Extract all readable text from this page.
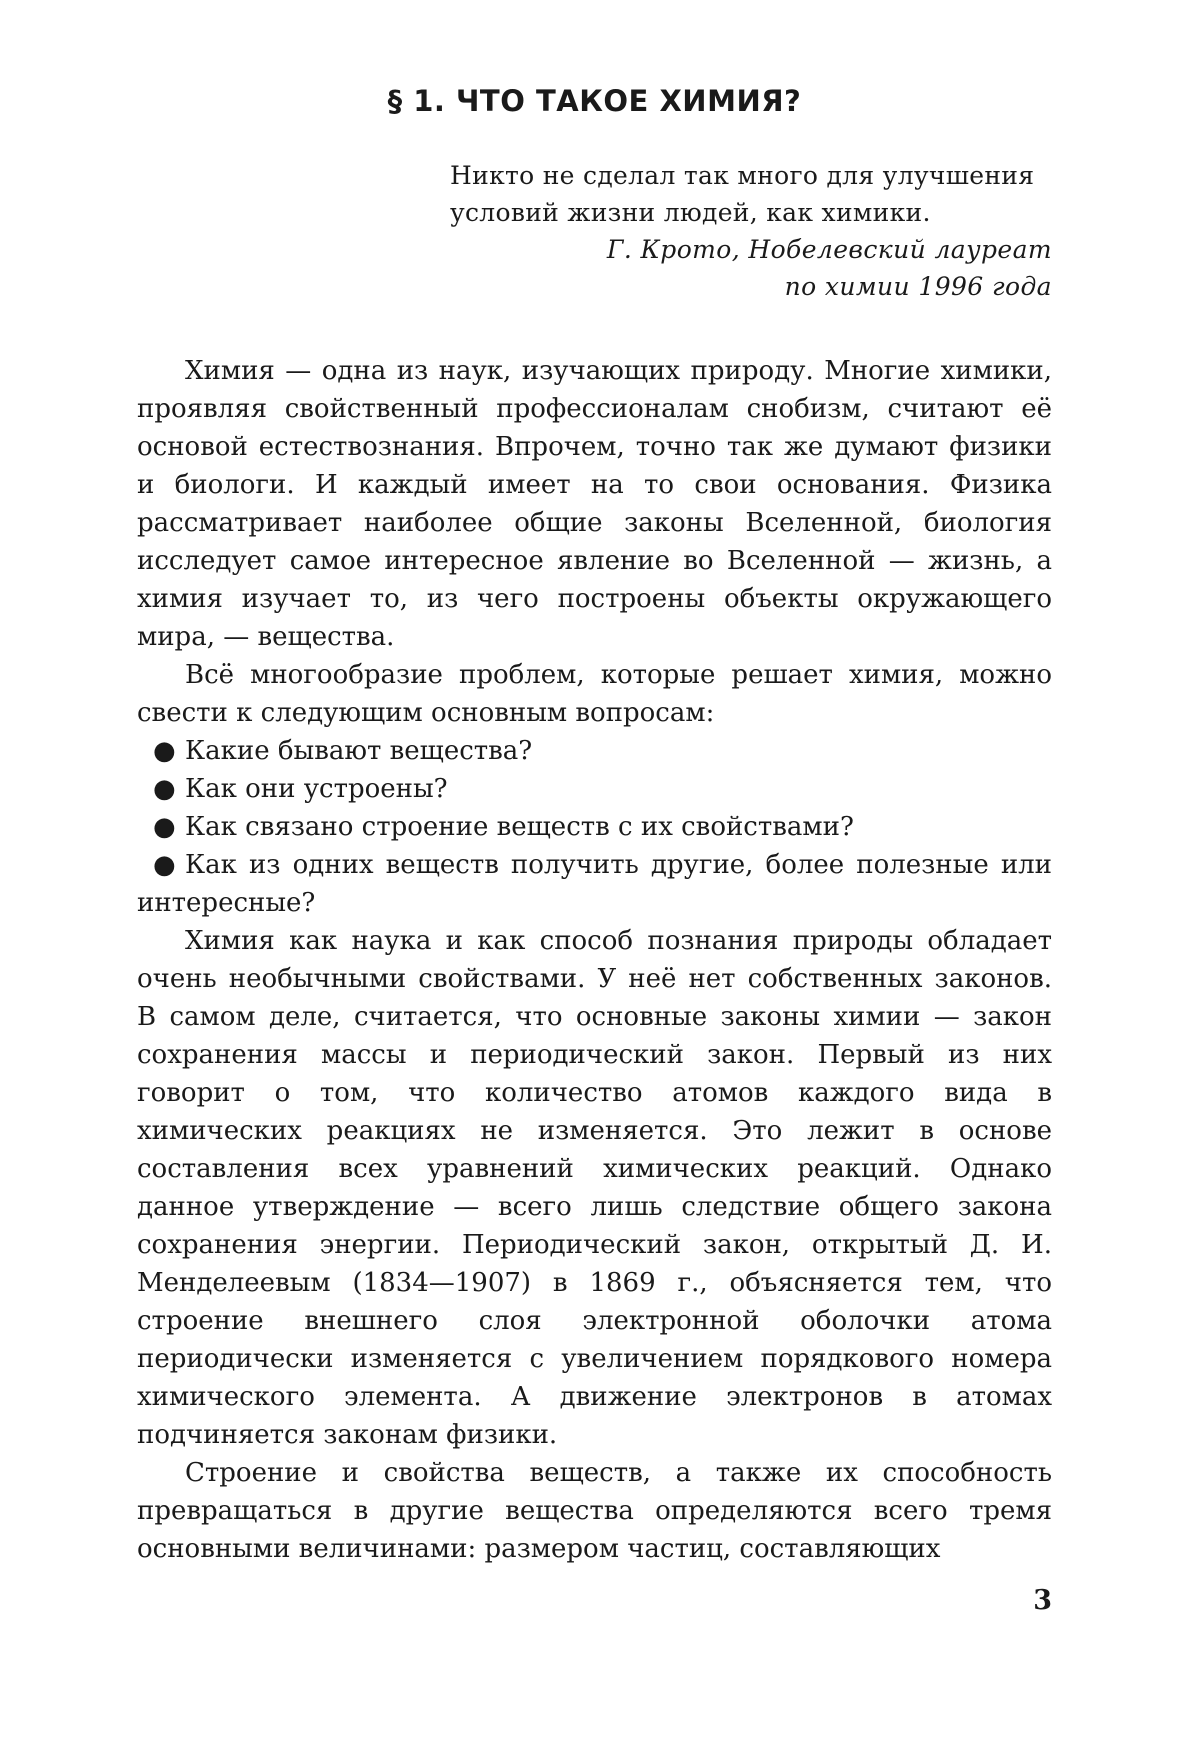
§ 1. ЧТО ТАКОЕ ХИМИЯ?

Никто не сделал так много для улучшения условий жизни людей, как химики.

Г. Крото, Нобелевский лауреат

по химии 1996 года

Химия — одна из наук, изучающих природу. Многие химики, проявляя свойственный профессионалам снобизм, считают её основой естествознания. Впрочем, точно так же думают физики и биологи. И каждый имеет на то свои основания. Физика рассматривает наиболее общие законы Вселенной, биология исследует самое интересное явление во Вселенной — жизнь, а химия изучает то, из чего построены объекты окружающего мира, — вещества.

Всё многообразие проблем, которые решает химия, можно свести к следующим основным вопросам:

● Какие бывают вещества?
● Как они устроены?
● Как связано строение веществ с их свойствами?
● Как из одних веществ получить другие, более полезные или интересные?

Химия как наука и как способ познания природы обладает очень необычными свойствами. У неё нет собственных законов. В самом деле, считается, что основные законы химии — закон сохранения массы и периодический закон. Первый из них говорит о том, что количество атомов каждого вида в химических реакциях не изменяется. Это лежит в основе составления всех уравнений химических реакций. Однако данное утверждение — всего лишь следствие общего закона сохранения энергии. Периодический закон, открытый Д. И. Менделеевым (1834—1907) в 1869 г., объясняется тем, что строение внешнего слоя электронной оболочки атома периодически изменяется с увеличением порядкового номера химического элемента. А движение электронов в атомах подчиняется законам физики.

Строение и свойства веществ, а также их способность превращаться в другие вещества определяются всего тремя основными величинами: размером частиц, составляющих

3
